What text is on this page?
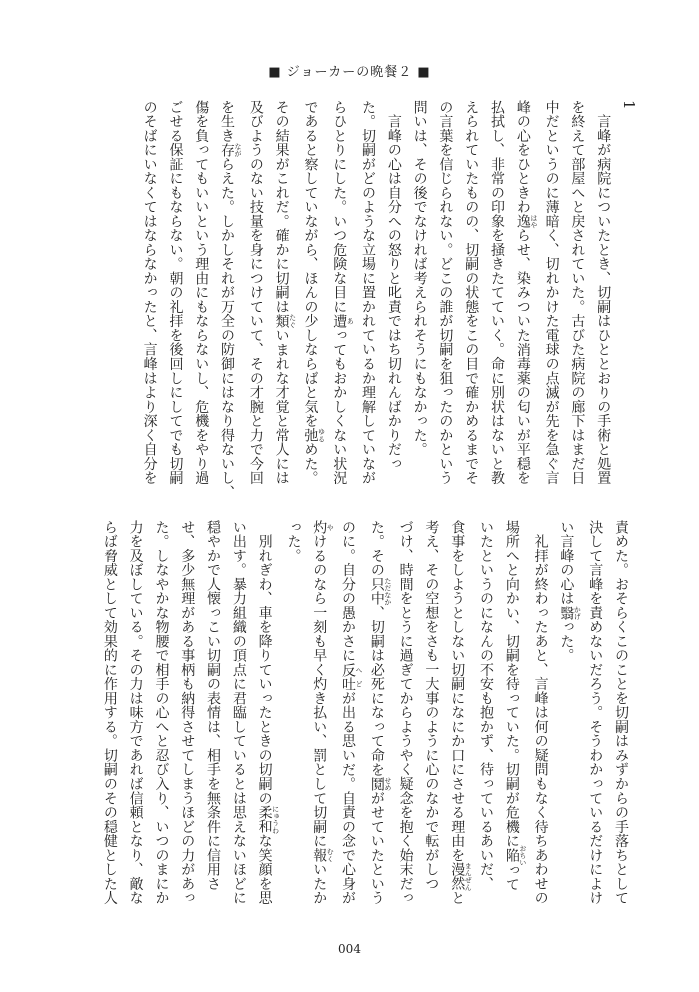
■ ジョーカーの晩餐２ ■
1
　言峰が病院についたとき、切嗣はひととおりの手術と処置
を終えて部屋へと戻されていた。古びた病院の廊下はまだ日
中だというのに薄暗く、切れかけた電球の点滅が先を急ぐ言
峰の心をひときわ逸 はやらせ、染みついた消毒薬の匂いが平穏を
払拭し、非常の印象を掻きたてていく。命に別状はないと教
えられていたものの、切嗣の状態をこの目で確かめるまでそ
の言葉を信じられない。どこの誰が切嗣を狙ったのかという
問いは、その後でなければ考えられそうにもなかった。
　言峰の心は自分への怒りと叱責ではち切れんばかりだっ
た。切嗣がどのような立場に置かれているか理解していなが
らひとりにした。いつ危険な目に遭 あってもおかしくない状況
であると察していながら、ほんの少しならばと気を弛 ゆるめた。
その結果がこれだ。確かに切嗣は類 たぐいまれな才覚と常人には
及びようのない技量を身につけていて、その才腕と力で今回
を生き存 ながらえた。しかしそれが万全の防御にはなり得ないし、
傷を負ってもいいという理由にもならないし、危機をやり過
ごせる保証にもならない。朝の礼拝を後回しにしてでも切嗣
のそばにいなくてはならなかったと、言峰はより深く自分を
責めた。おそらくこのことを切嗣はみずからの手落ちとして
決して言峰を責めないだろう。そうわかっているだけによけ
い言峰の心は翳 かげった。
　礼拝が終わったあと、言峰は何の疑問もなく待ちあわせの
場所へと向かい、切嗣を待っていた。切嗣が危機に陥 おちいって
いたというのになんの不安も抱かず、待っているあいだ、
食事をしようとしない切嗣になにか口にさせる理由を漫然 まんぜんと
考え、その空想をさも一大事のように心のなかで転がしつ
づけ、時間をとうに過ぎてからようやく疑念を抱く始末だっ
た。その只中 ただなか、切嗣は必死になって命を鬩 せめがせていたという
のに。自分の愚かさに反吐 へどが出る思いだ。自責の念で心身が
灼 やけるのなら一刻も早く灼き払い、罰として切嗣に報 むくいたか
った。
　別れぎわ、車を降りていったときの切嗣の柔和 にゅうわな笑顔を思
い出す。暴力組織の頂点に君臨しているとは思えないほどに
穏やかで人懐っこい切嗣の表情は、相手を無条件に信用さ
せ、多少無理がある事柄も納得させてしまうほどの力があっ
た。しなやかな物腰で相手の心へと忍び入り、いつのまにか
力を及ぼしている。その力は味方であれば信頼となり、敵な
らば脅威として効果的に作用する。切嗣のその穏健とした人
004
